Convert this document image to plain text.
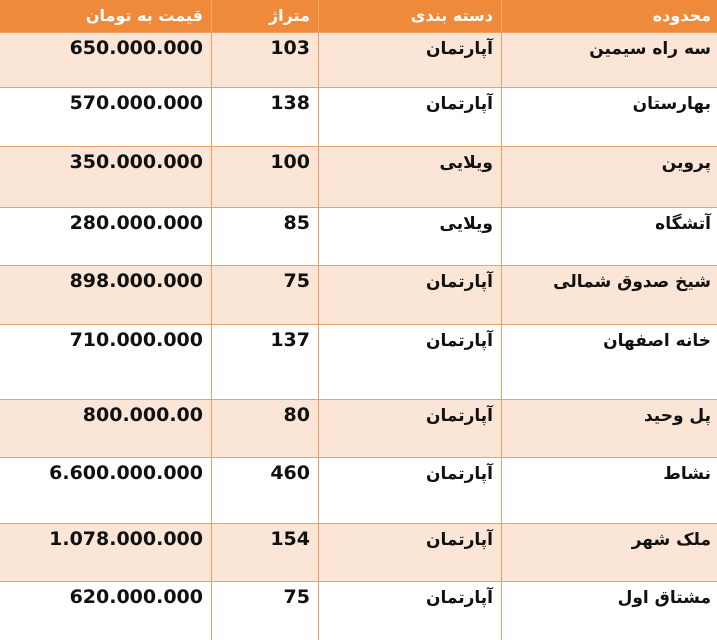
قیمت به تومان	متراژ	دسته بندی	محدوده
650.000.000	103	آپارتمان	سه راه سیمین
570.000.000	138	آپارتمان	بهارستان
350.000.000	100	ویلایی	پروین
280.000.000	85	ویلایی	آتشگاه
898.000.000	75	آپارتمان	شیخ صدوق شمالی
710.000.000	137	آپارتمان	خانه اصفهان
800.000.00	80	آپارتمان	پل وحید
6.600.000.000	460	آپارتمان	نشاط
1.078.000.000	154	آپارتمان	ملک شهر
620.000.000	75	آپارتمان	مشتاق اول
